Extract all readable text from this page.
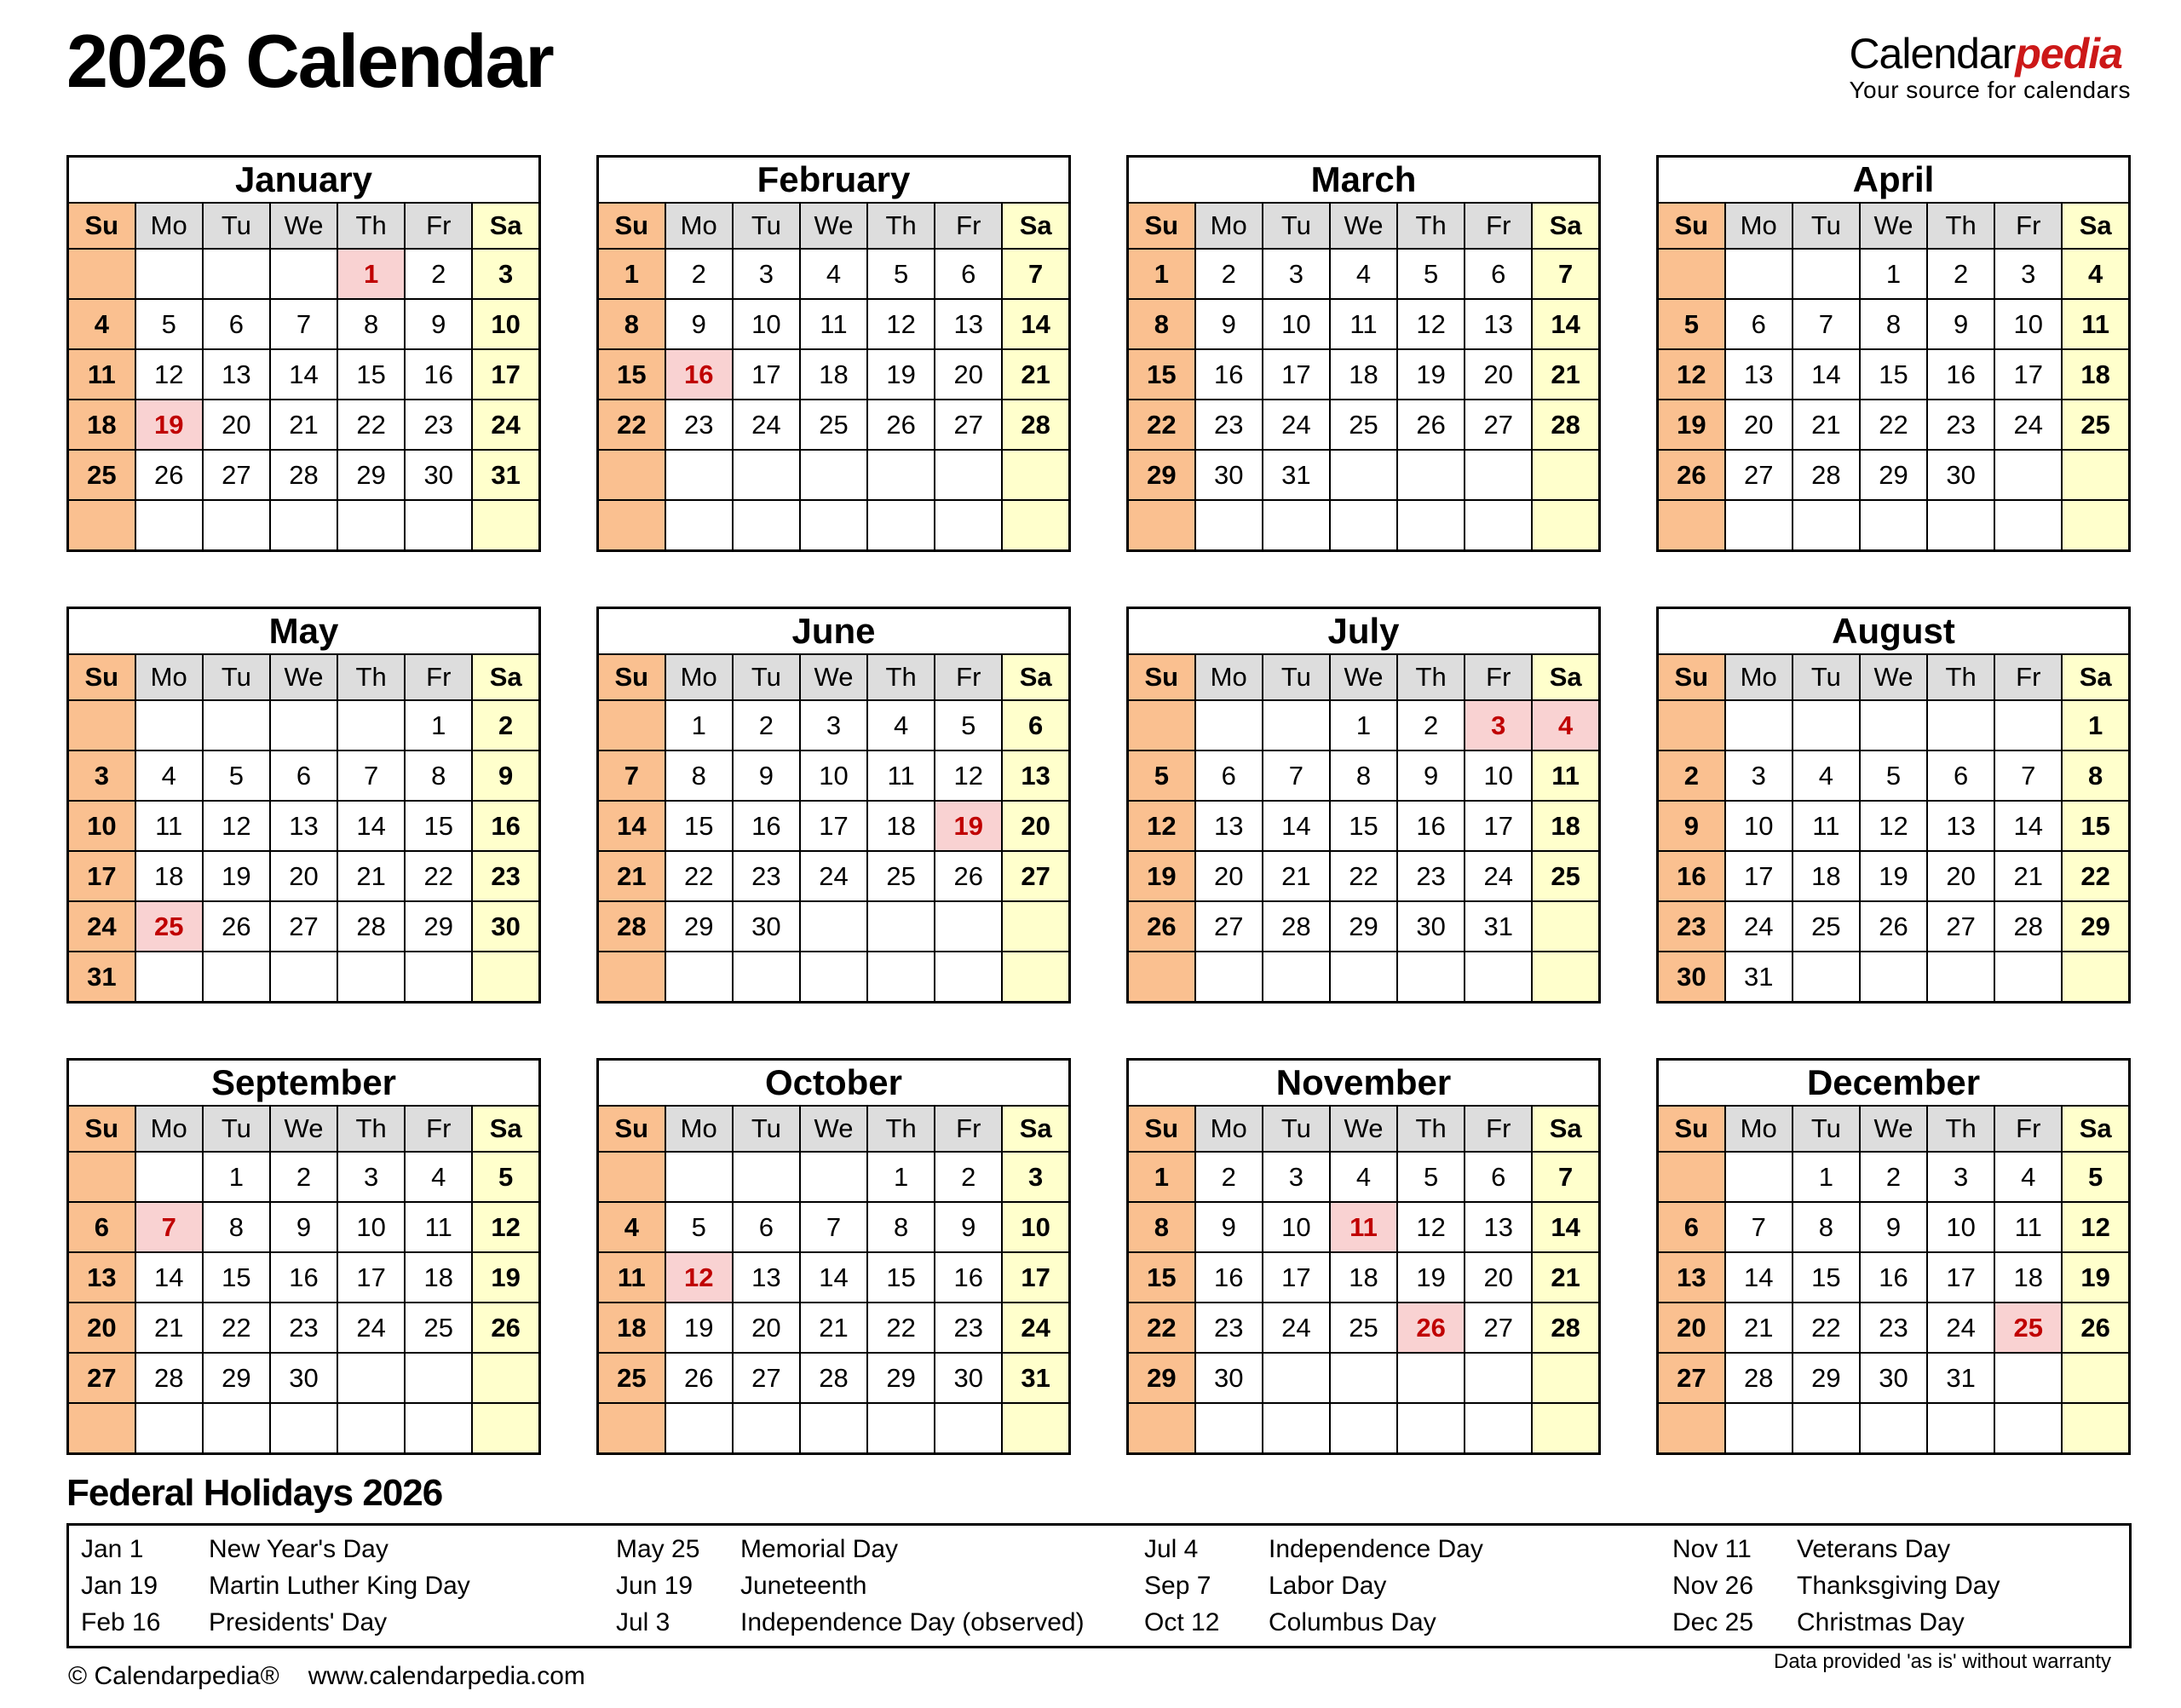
2026 Calendar	Calendarpedia
Your source for calendars
January						
Su	Mo	Tu	We	Th	Fr	Sa
				1	2	3
4	5	6	7	8	9	10
11	12	13	14	15	16	17
18	19	20	21	22	23	24
25	26	27	28	29	30	31

February						
Su	Mo	Tu	We	Th	Fr	Sa
1	2	3	4	5	6	7
8	9	10	11	12	13	14
15	16	17	18	19	20	21
22	23	24	25	26	27	28

March						
Su	Mo	Tu	We	Th	Fr	Sa
1	2	3	4	5	6	7
8	9	10	11	12	13	14
15	16	17	18	19	20	21
22	23	24	25	26	27	28
29	30	31				

April						
Su	Mo	Tu	We	Th	Fr	Sa
			1	2	3	4
5	6	7	8	9	10	11
12	13	14	15	16	17	18
19	20	21	22	23	24	25
26	27	28	29	30		

May						
Su	Mo	Tu	We	Th	Fr	Sa
					1	2
3	4	5	6	7	8	9
10	11	12	13	14	15	16
17	18	19	20	21	22	23
24	25	26	27	28	29	30
31						
June						
Su	Mo	Tu	We	Th	Fr	Sa
	1	2	3	4	5	6
7	8	9	10	11	12	13
14	15	16	17	18	19	20
21	22	23	24	25	26	27
28	29	30				

July						
Su	Mo	Tu	We	Th	Fr	Sa
			1	2	3	4
5	6	7	8	9	10	11
12	13	14	15	16	17	18
19	20	21	22	23	24	25
26	27	28	29	30	31	

August						
Su	Mo	Tu	We	Th	Fr	Sa
						1
2	3	4	5	6	7	8
9	10	11	12	13	14	15
16	17	18	19	20	21	22
23	24	25	26	27	28	29
30	31					
September						
Su	Mo	Tu	We	Th	Fr	Sa
		1	2	3	4	5
6	7	8	9	10	11	12
13	14	15	16	17	18	19
20	21	22	23	24	25	26
27	28	29	30			

October						
Su	Mo	Tu	We	Th	Fr	Sa
				1	2	3
4	5	6	7	8	9	10
11	12	13	14	15	16	17
18	19	20	21	22	23	24
25	26	27	28	29	30	31

November						
Su	Mo	Tu	We	Th	Fr	Sa
1	2	3	4	5	6	7
8	9	10	11	12	13	14
15	16	17	18	19	20	21
22	23	24	25	26	27	28
29	30					

December						
Su	Mo	Tu	We	Th	Fr	Sa
		1	2	3	4	5
6	7	8	9	10	11	12
13	14	15	16	17	18	19
20	21	22	23	24	25	26
27	28	29	30	31		

Federal Holidays 2026
Jan 1	New Year's Day	May 25	Memorial Day	Jul 4	Independence Day	Nov 11	Veterans Day
Jan 19	Martin Luther King Day	Jun 19	Juneteenth	Sep 7	Labor Day	Nov 26	Thanksgiving Day
Feb 16	Presidents' Day	Jul 3	Independence Day (observed)	Oct 12	Columbus Day	Dec 25	Christmas Day
© Calendarpedia® www.calendarpedia.com
Data provided 'as is' without warranty
